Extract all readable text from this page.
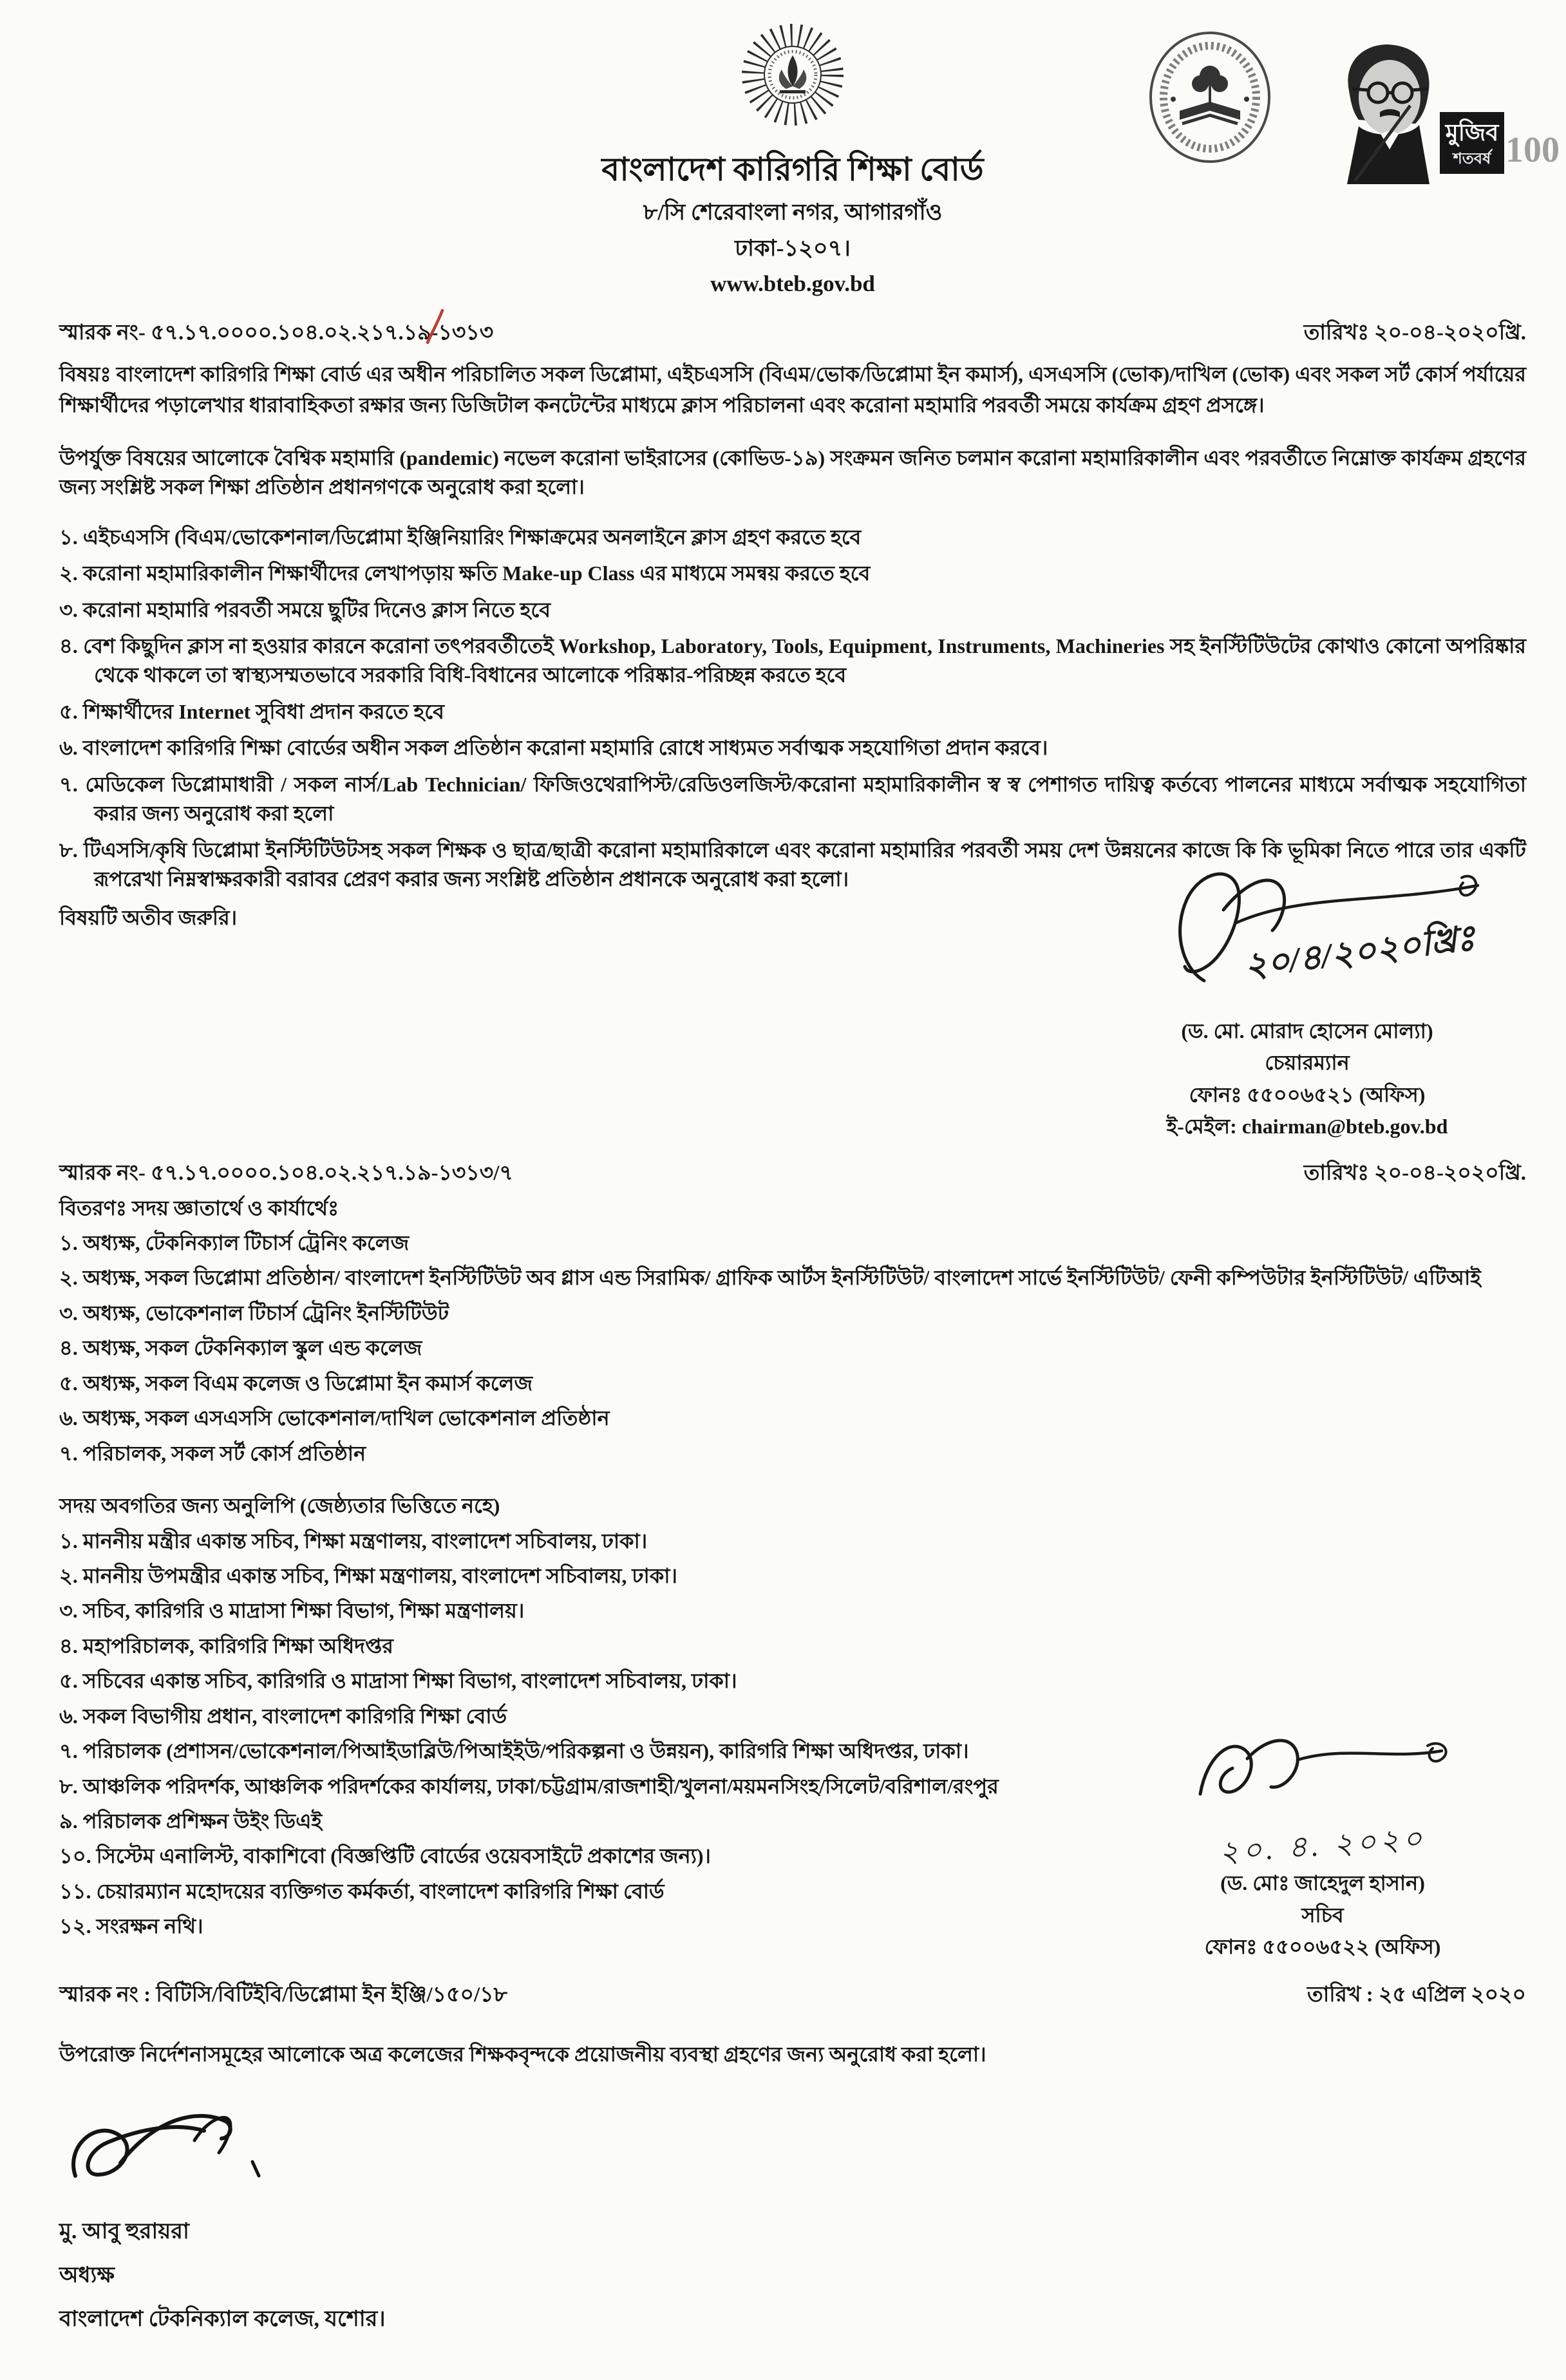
বাংলাদেশ কারিগরি শিক্ষা বোর্ড
৮/সি শেরেবাংলা নগর, আগারগাঁও
ঢাকা-১২০৭।
www.bteb.gov.bd
মুজিব
শতবর্ষ 100
স্মারক নং- ৫৭.১৭.০০০০.১০৪.০২.২১৭.১৯-১৩১৩	তারিখঃ ২০-০৪-২০২০খ্রি.

বিষয়ঃ বাংলাদেশ কারিগরি শিক্ষা বোর্ড এর অধীন পরিচালিত সকল ডিপ্লোমা, এইচএসসি (বিএম/ভোক/ডিপ্লোমা ইন কমার্স), এসএসসি (ভোক)/দাখিল (ভোক) এবং সকল সর্ট কোর্স পর্যায়ের শিক্ষার্থীদের পড়ালেখার ধারাবাহিকতা রক্ষার জন্য ডিজিটাল কনটেন্টের মাধ্যমে ক্লাস পরিচালনা এবং করোনা মহামারি পরবর্তী সময়ে কার্যক্রম গ্রহণ প্রসঙ্গে।

উপর্যুক্ত বিষয়ের আলোকে বৈশ্বিক মহামারি (pandemic) নভেল করোনা ভাইরাসের (কোভিড-১৯) সংক্রমন জনিত চলমান করোনা মহামারিকালীন এবং পরবর্তীতে নিম্নোক্ত কার্যক্রম গ্রহণের জন্য সংশ্লিষ্ট সকল শিক্ষা প্রতিষ্ঠান প্রধানগণকে অনুরোধ করা হলো।

১. এইচএসসি (বিএম/ভোকেশনাল/ডিপ্লোমা ইঞ্জিনিয়ারিং শিক্ষাক্রমের অনলাইনে ক্লাস গ্রহণ করতে হবে
২. করোনা মহামারিকালীন শিক্ষার্থীদের লেখাপড়ায় ক্ষতি Make-up Class এর মাধ্যমে সমন্বয় করতে হবে
৩. করোনা মহামারি পরবর্তী সময়ে ছুটির দিনেও ক্লাস নিতে হবে
৪. বেশ কিছুদিন ক্লাস না হওয়ার কারনে করোনা তৎপরবর্তীতেই Workshop, Laboratory, Tools, Equipment, Instruments, Machineries সহ ইনস্টিটিউটের কোথাও কোনো অপরিষ্কার থেকে থাকলে তা স্বাস্থ্যসম্মতভাবে সরকারি বিধি-বিধানের আলোকে পরিষ্কার-পরিচ্ছন্ন করতে হবে
৫. শিক্ষার্থীদের Internet সুবিধা প্রদান করতে হবে
৬. বাংলাদেশ কারিগরি শিক্ষা বোর্ডের অধীন সকল প্রতিষ্ঠান করোনা মহামারি রোধে সাধ্যমত সর্বাত্মক সহযোগিতা প্রদান করবে।
৭. মেডিকেল ডিপ্লোমাধারী / সকল নার্স/Lab Technician/ ফিজিওথেরাপিস্ট/রেডিওলজিস্ট/করোনা মহামারিকালীন স্ব স্ব পেশাগত দায়িত্ব কর্তব্যে পালনের মাধ্যমে সর্বাত্মক সহযোগিতা করার জন্য অনুরোধ করা হলো
৮. টিএসসি/কৃষি ডিপ্লোমা ইনস্টিটিউটসহ সকল শিক্ষক ও ছাত্র/ছাত্রী করোনা মহামারিকালে এবং করোনা মহামারির পরবর্তী সময় দেশ উন্নয়নের কাজে কি কি ভূমিকা নিতে পারে তার একটি রূপরেখা নিম্নস্বাক্ষরকারী বরাবর প্রেরণ করার জন্য সংশ্লিষ্ট প্রতিষ্ঠান প্রধানকে অনুরোধ করা হলো।
বিষয়টি অতীব জরুরি।
২০/৪/২০২০খ্রিঃ
(ড. মো. মোরাদ হোসেন মোল্যা)
চেয়ারম্যান
ফোনঃ ৫৫০০৬৫২১ (অফিস)
ই-মেইল: chairman@bteb.gov.bd
স্মারক নং- ৫৭.১৭.০০০০.১০৪.০২.২১৭.১৯-১৩১৩/৭	তারিখঃ ২০-০৪-২০২০খ্রি.
বিতরণঃ সদয় জ্ঞাতার্থে ও কার্যার্থেঃ
১. অধ্যক্ষ, টেকনিক্যাল টিচার্স ট্রেনিং কলেজ
২. অধ্যক্ষ, সকল ডিপ্লোমা প্রতিষ্ঠান/ বাংলাদেশ ইনস্টিটিউট অব গ্লাস এন্ড সিরামিক/ গ্রাফিক আর্টস ইনস্টিটিউট/ বাংলাদেশ সার্ভে ইনস্টিটিউট/ ফেনী কম্পিউটার ইনস্টিটিউট/ এটিআই
৩. অধ্যক্ষ, ভোকেশনাল টিচার্স ট্রেনিং ইনস্টিটিউট
৪. অধ্যক্ষ, সকল টেকনিক্যাল স্কুল এন্ড কলেজ
৫. অধ্যক্ষ, সকল বিএম কলেজ ও ডিপ্লোমা ইন কমার্স কলেজ
৬. অধ্যক্ষ, সকল এসএসসি ভোকেশনাল/দাখিল ভোকেশনাল প্রতিষ্ঠান
৭. পরিচালক, সকল সর্ট কোর্স প্রতিষ্ঠান
সদয় অবগতির জন্য অনুলিপি (জেষ্ঠ্যতার ভিত্তিতে নহে)
১. মাননীয় মন্ত্রীর একান্ত সচিব, শিক্ষা মন্ত্রণালয়, বাংলাদেশ সচিবালয়, ঢাকা।
২. মাননীয় উপমন্ত্রীর একান্ত সচিব, শিক্ষা মন্ত্রণালয়, বাংলাদেশ সচিবালয়, ঢাকা।
৩. সচিব, কারিগরি ও মাদ্রাসা শিক্ষা বিভাগ, শিক্ষা মন্ত্রণালয়।
৪. মহাপরিচালক, কারিগরি শিক্ষা অধিদপ্তর
৫. সচিবের একান্ত সচিব, কারিগরি ও মাদ্রাসা শিক্ষা বিভাগ, বাংলাদেশ সচিবালয়, ঢাকা।
৬. সকল বিভাগীয় প্রধান, বাংলাদেশ কারিগরি শিক্ষা বোর্ড
৭. পরিচালক (প্রশাসন/ভোকেশনাল/পিআইডাব্লিউ/পিআইইউ/পরিকল্পনা ও উন্নয়ন), কারিগরি শিক্ষা অধিদপ্তর, ঢাকা।
৮. আঞ্চলিক পরিদর্শক, আঞ্চলিক পরিদর্শকের কার্যালয়, ঢাকা/চট্টগ্রাম/রাজশাহী/খুলনা/ময়মনসিংহ/সিলেট/বরিশাল/রংপুর
৯. পরিচালক প্রশিক্ষন উইং ডিএই
১০. সিস্টেম এনালিস্ট, বাকাশিবো (বিজ্ঞপ্তিটি বোর্ডের ওয়েবসাইটে প্রকাশের জন্য)।
১১. চেয়ারম্যান মহোদয়ের ব্যক্তিগত কর্মকর্তা, বাংলাদেশ কারিগরি শিক্ষা বোর্ড
১২. সংরক্ষন নথি।
২০. ৪. ২০২০
(ড. মোঃ জাহেদুল হাসান)
সচিব
ফোনঃ ৫৫০০৬৫২২ (অফিস)
স্মারক নং : বিটিসি/বিটিইবি/ডিপ্লোমা ইন ইঞ্জি/১৫০/১৮	তারিখ : ২৫ এপ্রিল ২০২০

উপরোক্ত নির্দেশনাসমূহের আলোকে অত্র কলেজের শিক্ষকবৃন্দকে প্রয়োজনীয় ব্যবস্থা গ্রহণের জন্য অনুরোধ করা হলো।

মু. আবু হুরায়রা
অধ্যক্ষ
বাংলাদেশ টেকনিক্যাল কলেজ, যশোর।
